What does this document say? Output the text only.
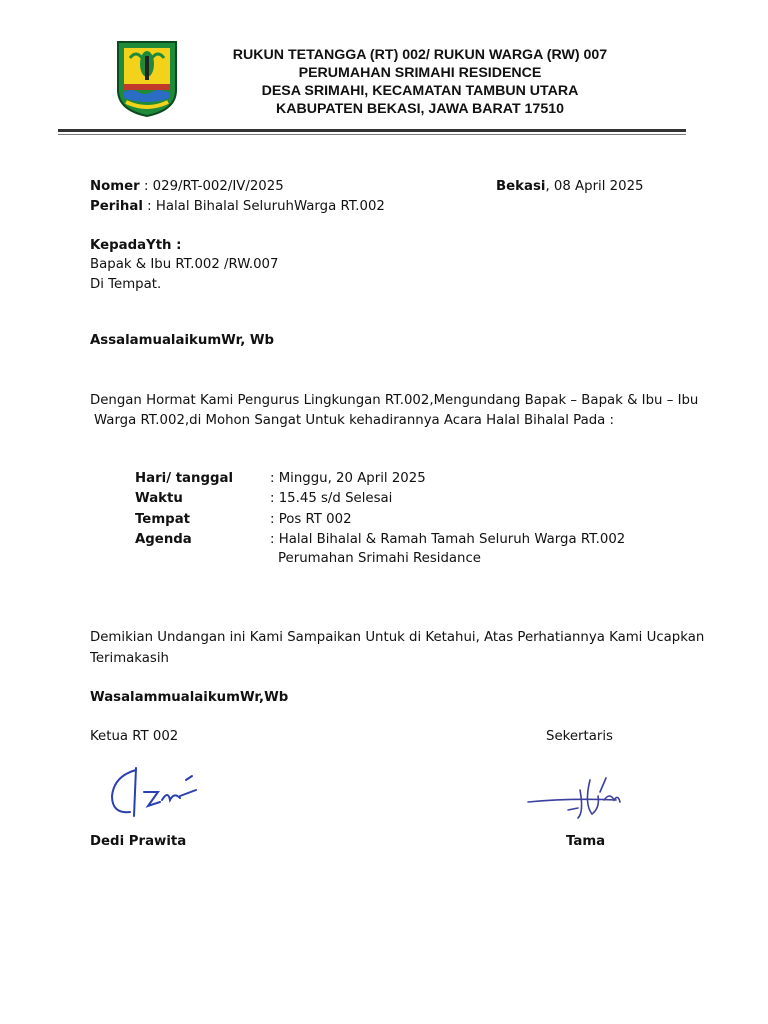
RUKUN TETANGGA (RT) 002/ RUKUN WARGA (RW) 007
PERUMAHAN SRIMAHI RESIDENCE
DESA SRIMAHI, KECAMATAN TAMBUN UTARA
KABUPATEN BEKASI, JAWA BARAT 17510
Nomer : 029/RT-002/IV/2025
Perihal : Halal Bihalal SeluruhWarga RT.002
Bekasi, 08 April 2025
KepadaYth :
Bapak & Ibu RT.002 /RW.007
Di Tempat.
AssalamualaikumWr, Wb
Dengan Hormat Kami Pengurus Lingkungan RT.002,Mengundang Bapak – Bapak & Ibu – Ibu
Warga RT.002,di Mohon Sangat Untuk kehadirannya Acara Halal Bihalal Pada :
Hari/ tanggal	: Minggu, 20 April 2025
Waktu	: 15.45 s/d Selesai
Tempat	: Pos RT 002
Agenda	: Halal Bihalal & Ramah Tamah Seluruh Warga RT.002
Perumahan Srimahi Residance
Demikian Undangan ini Kami Sampaikan Untuk di Ketahui, Atas Perhatiannya Kami Ucapkan
Terimakasih
WasalammualaikumWr,Wb
Ketua RT 002	Sekertaris
Dedi Prawita	Tama
